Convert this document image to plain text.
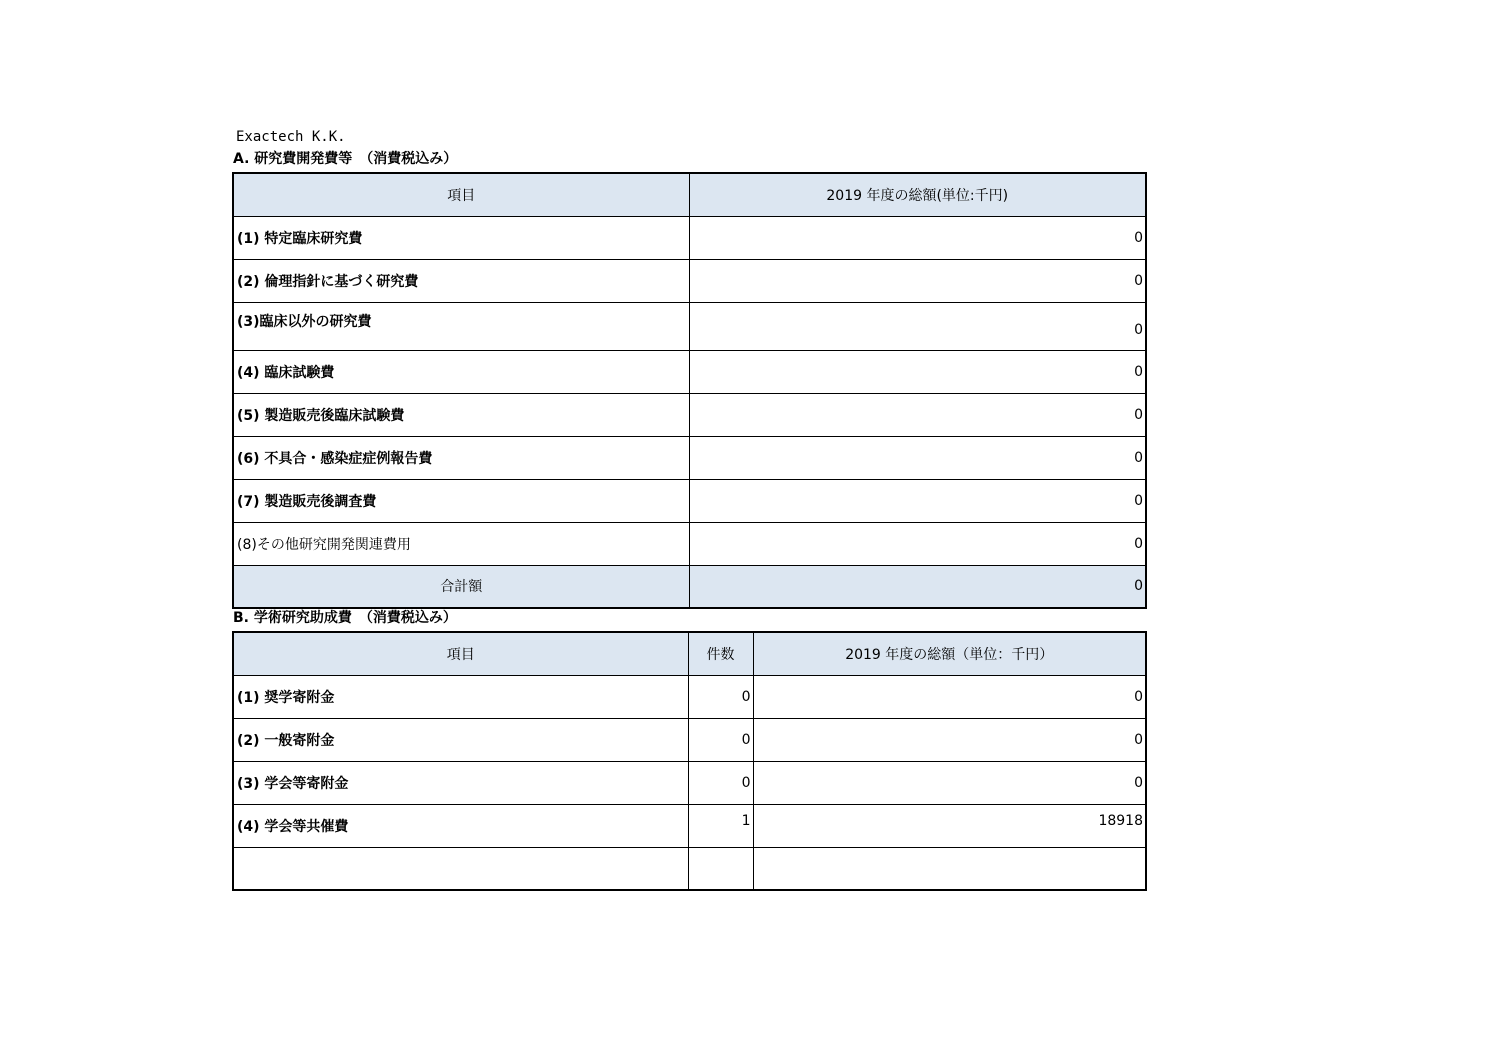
Exactech K.K.
A. 研究費開発費等　（消費税込み）
項目	2019 年度の総額(単位:千円)
(1) 特定臨床研究費	0
(2) 倫理指針に基づく研究費	0
(3)臨床以外の研究費	0
(4) 臨床試験費	0
(5) 製造販売後臨床試験費	0
(6) 不具合・感染症症例報告費	0
(7) 製造販売後調査費	0
(8)その他研究開発関連費用	0
合計額	0
B. 学術研究助成費　（消費税込み）
項目	件数	2019 年度の総額（単位：千円）
(1) 奨学寄附金	0	0
(2) 一般寄附金	0	0
(3) 学会等寄附金	0	0
(4) 学会等共催費	1	18918
